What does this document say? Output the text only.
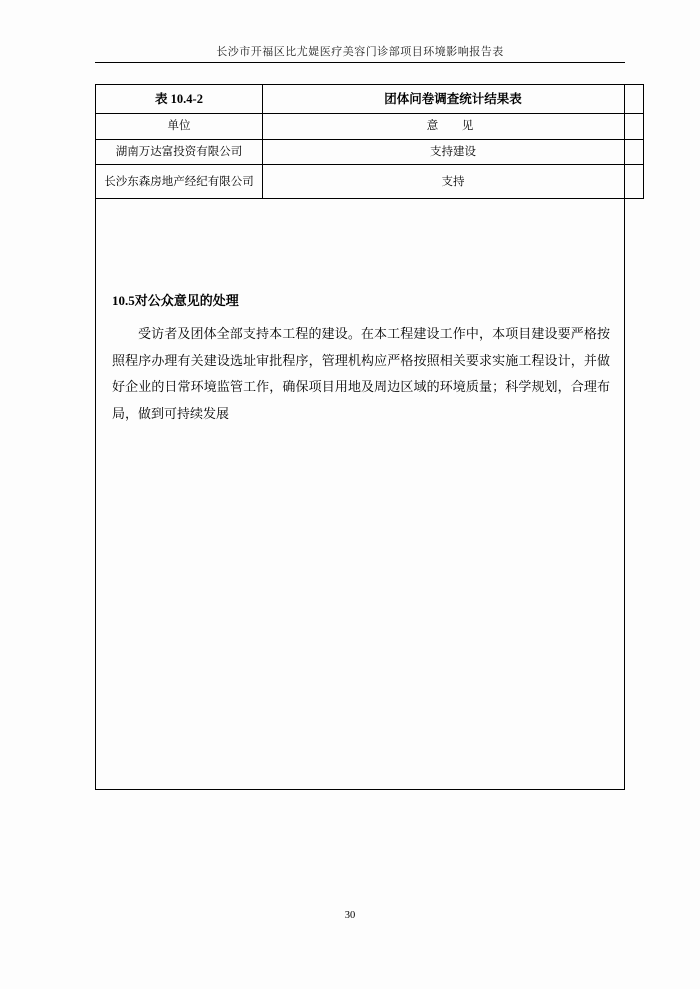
长沙市开福区比尤媞医疗美容门诊部项目环境影响报告表
表 10.4-2	团体问卷调查统计结果表
单位	意　见
湖南万达富投资有限公司	支持建设
长沙东森房地产经纪有限公司	支持

10.5对公众意见的处理

受访者及团体全部支持本工程的建设。在本工程建设工作中，本项目建设要严格按照程序办理有关建设选址审批程序，管理机构应严格按照相关要求实施工程设计，并做好企业的日常环境监管工作，确保项目用地及周边区域的环境质量；科学规划，合理布局，做到可持续发展

30
